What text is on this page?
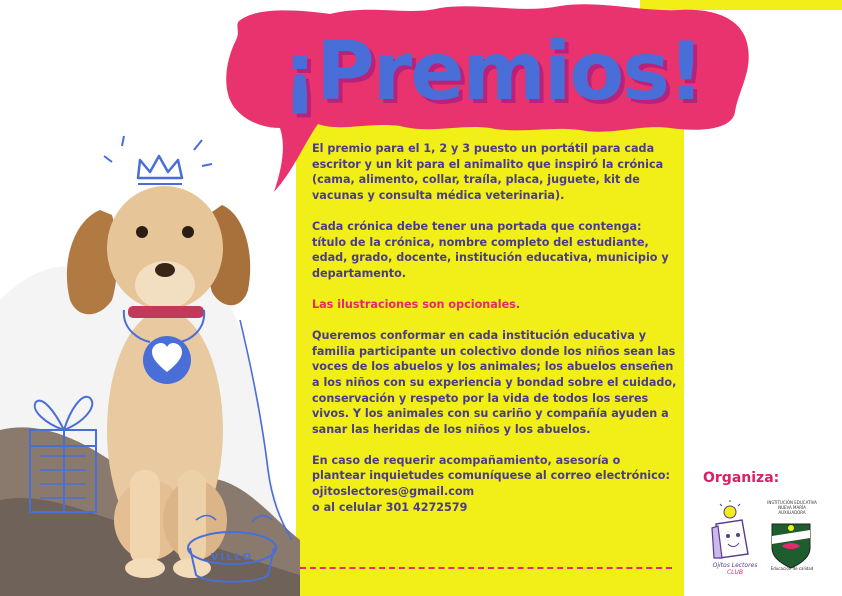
¡Premios!
VILLO

El premio para el 1, 2 y 3 puesto un portátil para cada escritor y un kit para el animalito que inspiró la crónica (cama, alimento, collar, traíla, placa, juguete, kit de vacunas y consulta médica veterinaria).

Cada crónica debe tener una portada que contenga: título de la crónica, nombre completo del estudiante, edad, grado, docente, institución educativa, municipio y departamento.

Las ilustraciones son opcionales.

Queremos conformar en cada institución educativa y familia participante un colectivo donde los niños sean las voces de los abuelos y los animales; los abuelos enseñen a los niños con su experiencia y bondad sobre el cuidado, conservación y respeto por la vida de todos los seres vivos. Y los animales con su cariño y compañía ayuden a sanar las heridas de los niños y los abuelos.

En caso de requerir acompañamiento, asesoría o plantear inquietudes comuníquese al correo electrónico:
ojitoslectores@gmail.com
o al celular 301 4272579
Organiza:
Ojitos Lectores
CLUB
INSTITUCIÓN EDUCATIVA NUEVA MARÍA AUXILIADORA
Educación de calidad
